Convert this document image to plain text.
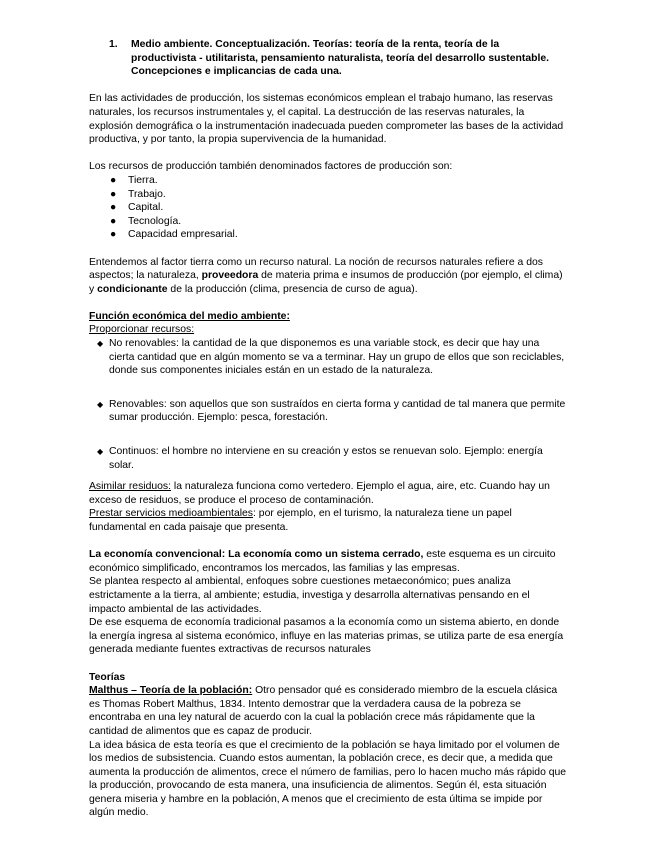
1.	Medio ambiente. Conceptualización. Teorías: teoría de la renta, teoría de la productivista - utilitarista, pensamiento naturalista, teoría del desarrollo sustentable. Concepciones e implicancias de cada una.

En las actividades de producción, los sistemas económicos emplean el trabajo humano, las reservas naturales, los recursos instrumentales y, el capital. La destrucción de las reservas naturales, la explosión demográfica o la instrumentación inadecuada pueden comprometer las bases de la actividad productiva, y por tanto, la propia supervivencia de la humanidad.

Los recursos de producción también denominados factores de producción son:

● Tierra.
● Trabajo.
● Capital.
● Tecnología.
● Capacidad empresarial.

Entendemos al factor tierra como un recurso natural. La noción de recursos naturales refiere a dos aspectos; la naturaleza, proveedora de materia prima e insumos de producción (por ejemplo, el clima) y condicionante de la producción (clima, presencia de curso de agua).

Función económica del medio ambiente:

Proporcionar recursos:

◆ No renovables: la cantidad de la que disponemos es una variable stock, es decir que hay una cierta cantidad que en algún momento se va a terminar. Hay un grupo de ellos que son reciclables, donde sus componentes iniciales están en un estado de la naturaleza.
◆ Renovables: son aquellos que son sustraídos en cierta forma y cantidad de tal manera que permite sumar producción. Ejemplo: pesca, forestación.
◆ Continuos: el hombre no interviene en su creación y estos se renuevan solo. Ejemplo: energía solar.

Asimilar residuos: la naturaleza funciona como vertedero. Ejemplo el agua, aire, etc. Cuando hay un exceso de residuos, se produce el proceso de contaminación.

Prestar servicios medioambientales: por ejemplo, en el turismo, la naturaleza tiene un papel fundamental en cada paisaje que presenta.

La economía convencional: La economía como un sistema cerrado, este esquema es un circuito económico simplificado, encontramos los mercados, las familias y las empresas.

Se plantea respecto al ambiental, enfoques sobre cuestiones metaeconómico; pues analiza estrictamente a la tierra, al ambiente; estudia, investiga y desarrolla alternativas pensando en el impacto ambiental de las actividades.

De ese esquema de economía tradicional pasamos a la economía como un sistema abierto, en donde la energía ingresa al sistema económico, influye en las materias primas, se utiliza parte de esa energía generada mediante fuentes extractivas de recursos naturales

Teorías

Malthus – Teoría de la población: Otro pensador qué es considerado miembro de la escuela clásica es Thomas Robert Malthus, 1834. Intento demostrar que la verdadera causa de la pobreza se encontraba en una ley natural de acuerdo con la cual la población crece más rápidamente que la cantidad de alimentos que es capaz de producir.

La idea básica de esta teoría es que el crecimiento de la población se haya limitado por el volumen de los medios de subsistencia. Cuando estos aumentan, la población crece, es decir que, a medida que aumenta la producción de alimentos, crece el número de familias, pero lo hacen mucho más rápido que la producción, provocando de esta manera, una insuficiencia de alimentos. Según él, esta situación genera miseria y hambre en la población, A menos que el crecimiento de esta última se impide por algún medio.
